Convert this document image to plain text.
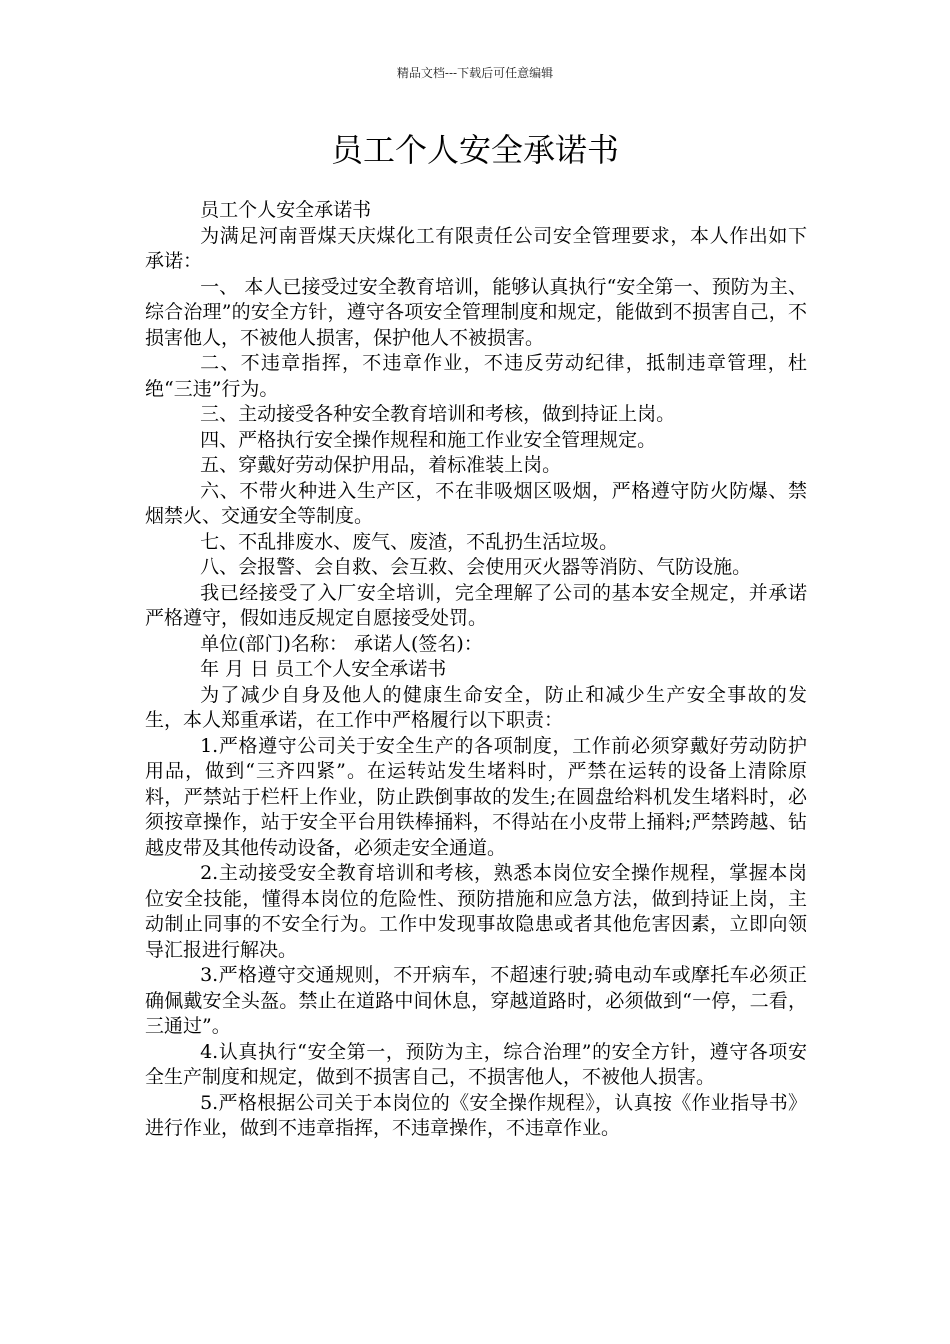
精品文档---下载后可任意编辑
员工个人安全承诺书

员工个人安全承诺书

为满足河南晋煤天庆煤化工有限责任公司安全管理要求，本人作出如下承诺：

一、 本人已接受过安全教育培训，能够认真执行“安全第一、预防为主、综合治理”的安全方针，遵守各项安全管理制度和规定，能做到不损害自己，不损害他人，不被他人损害，保护他人不被损害。

二、不违章指挥，不违章作业，不违反劳动纪律，抵制违章管理，杜绝“三违”行为。

三、主动接受各种安全教育培训和考核，做到持证上岗。

四、严格执行安全操作规程和施工作业安全管理规定。

五、穿戴好劳动保护用品，着标准装上岗。

六、不带火种进入生产区，不在非吸烟区吸烟，严格遵守防火防爆、禁烟禁火、交通安全等制度。

七、不乱排废水、废气、废渣，不乱扔生活垃圾。

八、会报警、会自救、会互救、会使用灭火器等消防、气防设施。

我已经接受了入厂安全培训，完全理解了公司的基本安全规定，并承诺严格遵守，假如违反规定自愿接受处罚。

单位(部门)名称： 承诺人(签名)：

年 月 日 员工个人安全承诺书

为了减少自身及他人的健康生命安全，防止和减少生产安全事故的发生，本人郑重承诺，在工作中严格履行以下职责：

1.严格遵守公司关于安全生产的各项制度，工作前必须穿戴好劳动防护用品，做到“三齐四紧”。在运转站发生堵料时，严禁在运转的设备上清除原料，严禁站于栏杆上作业，防止跌倒事故的发生;在圆盘给料机发生堵料时，必须按章操作，站于安全平台用铁棒捅料，不得站在小皮带上捅料;严禁跨越、钻越皮带及其他传动设备，必须走安全通道。

2.主动接受安全教育培训和考核，熟悉本岗位安全操作规程，掌握本岗位安全技能，懂得本岗位的危险性、预防措施和应急方法，做到持证上岗，主动制止同事的不安全行为。工作中发现事故隐患或者其他危害因素，立即向领导汇报进行解决。

3.严格遵守交通规则，不开病车，不超速行驶;骑电动车或摩托车必须正确佩戴安全头盔。禁止在道路中间休息，穿越道路时，必须做到“一停，二看，三通过”。

4.认真执行“安全第一，预防为主，综合治理”的安全方针，遵守各项安全生产制度和规定，做到不损害自己，不损害他人，不被他人损害。

5.严格根据公司关于本岗位的《安全操作规程》，认真按《作业指导书》进行作业，做到不违章指挥，不违章操作，不违章作业。
